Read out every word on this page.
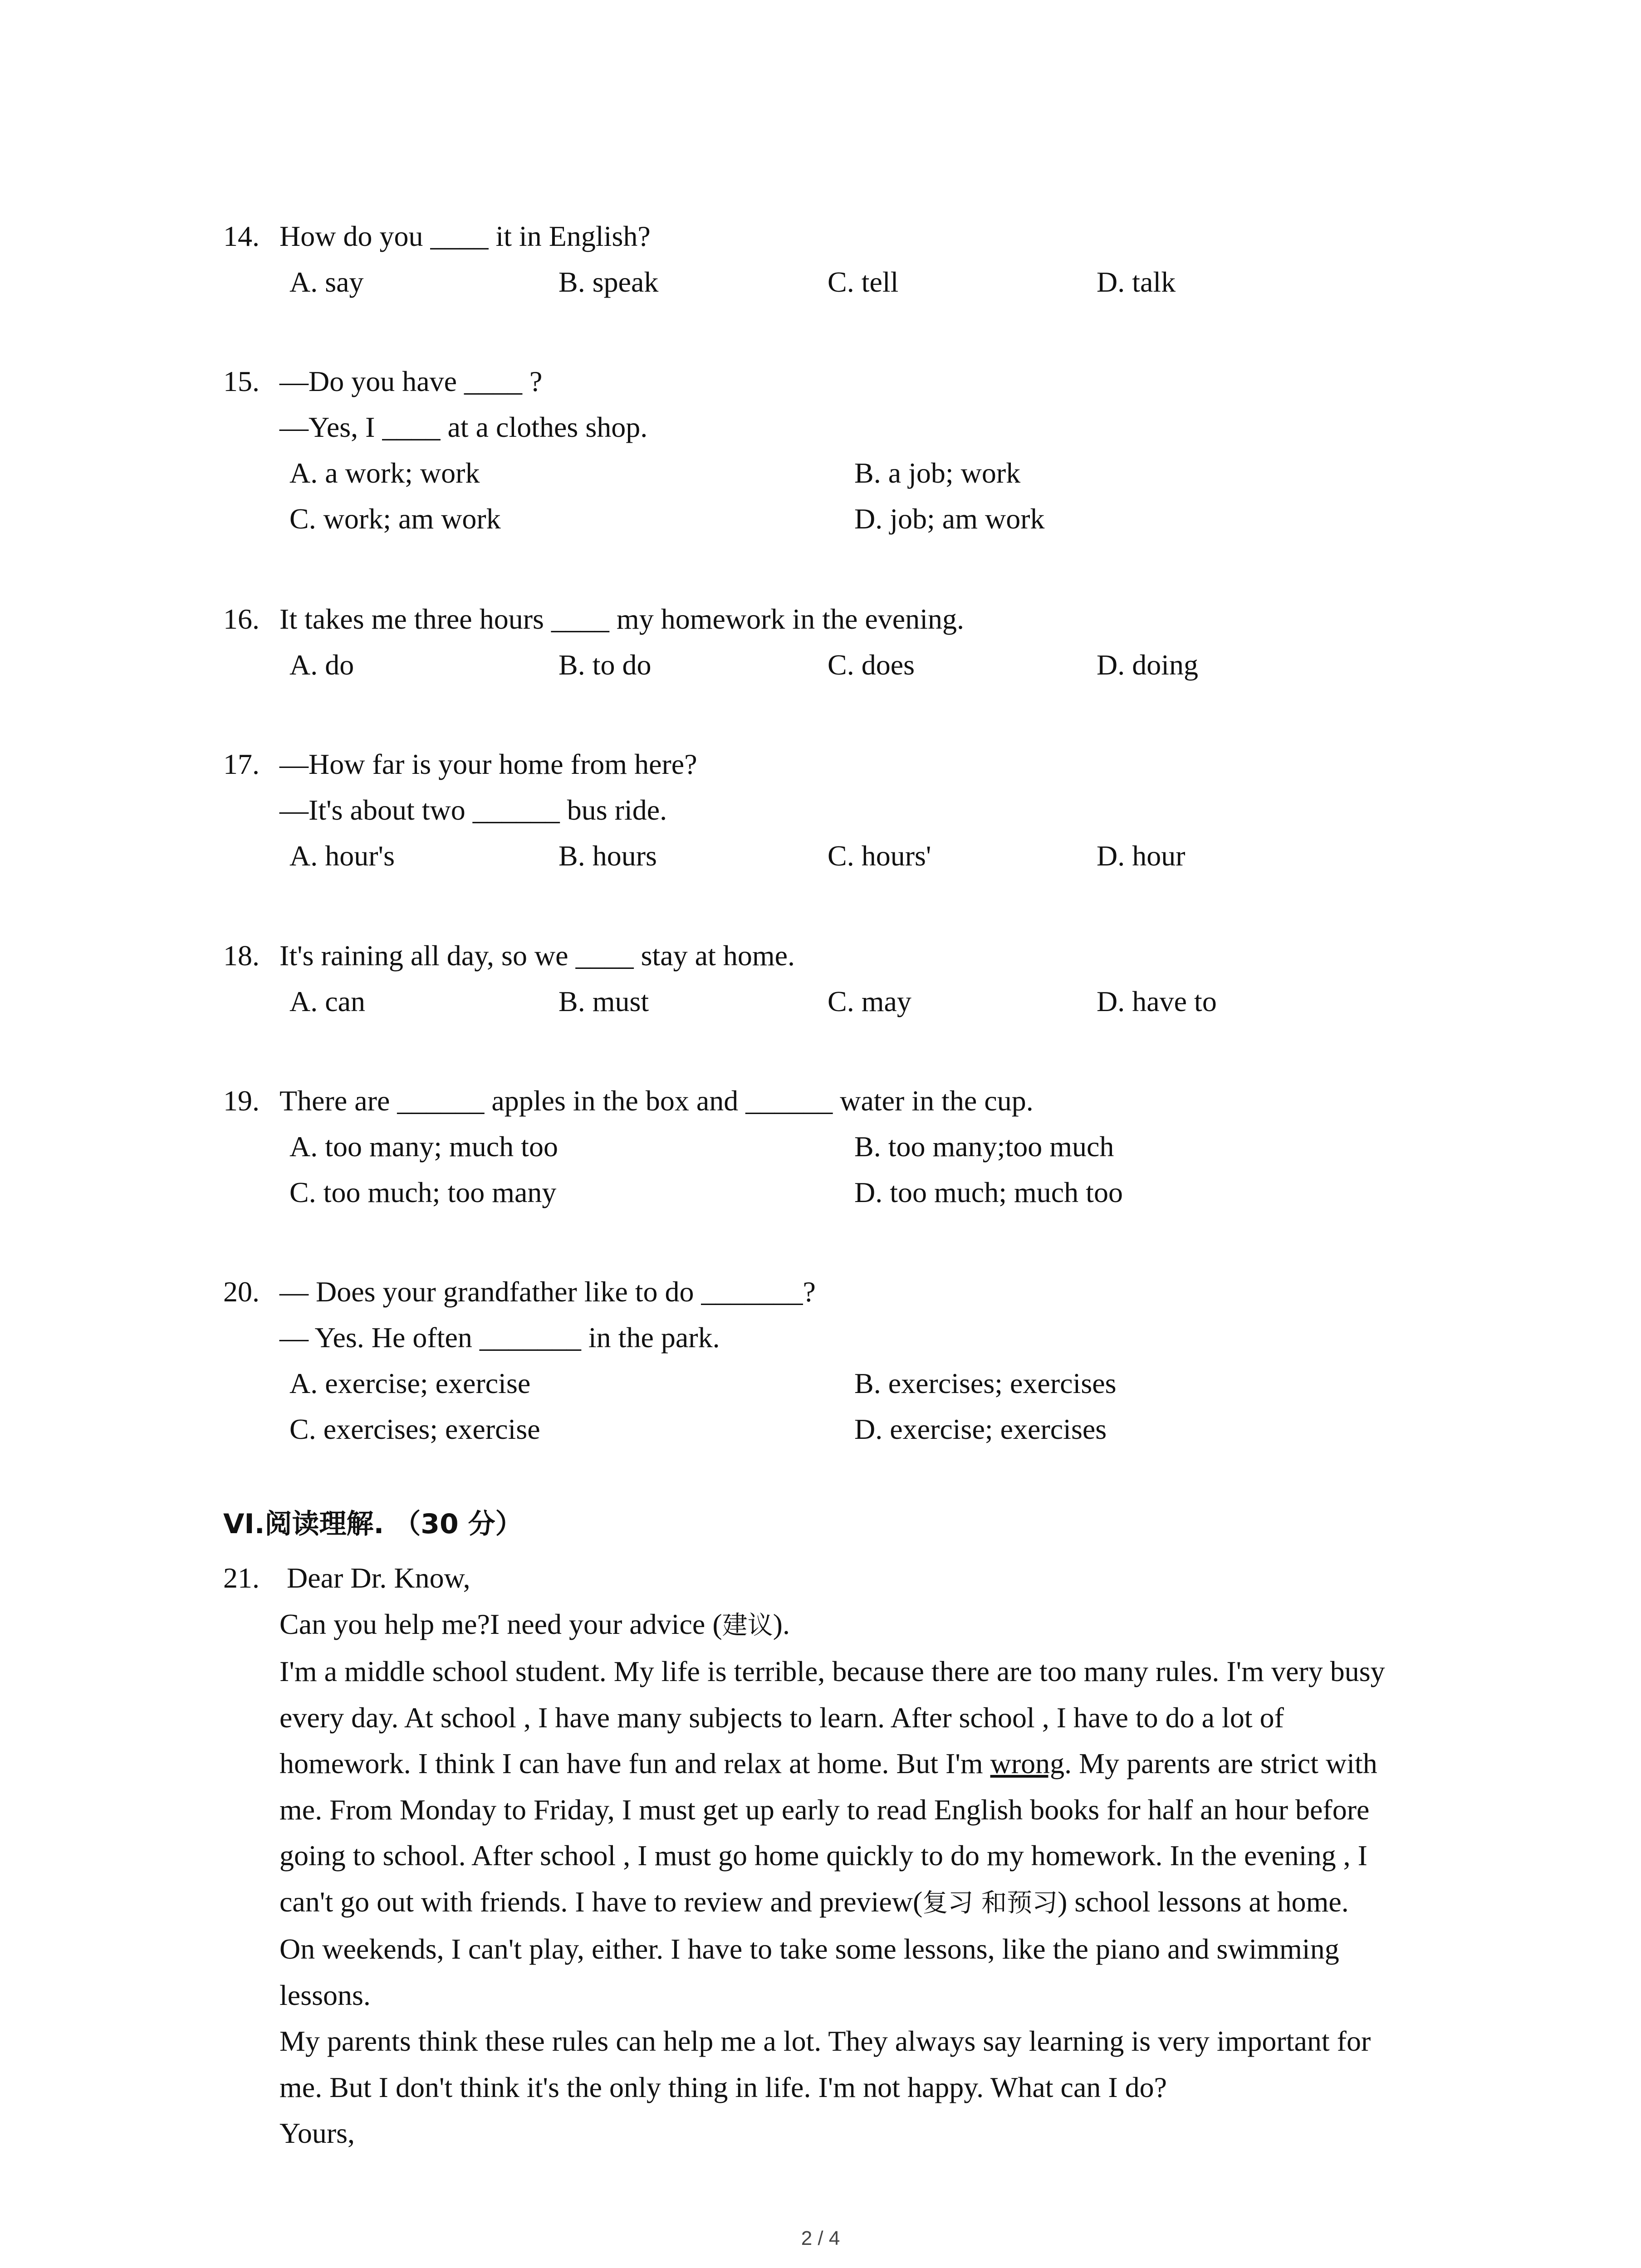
14. How do you ____ it in English?
A. say	B. speak	C. tell	D. talk
15. —Do you have ____ ?
—Yes, I ____ at a clothes shop.
A. a work; work	B. a job; work
C. work; am work	D. job; am work
16. It takes me three hours ____ my homework in the evening.
A. do	B. to do	C. does	D. doing
17. —How far is your home from here?
—It's about two ______ bus ride.
A. hour's	B. hours	C. hours'	D. hour
18. It's raining all day, so we ____ stay at home.
A. can	B. must	C. may	D. have to
19. There are ______ apples in the box and ______ water in the cup.
A. too many; much too	B. too many;too much
C. too much; too many	D. too much; much too
20. — Does your grandfather like to do _______?
— Yes. He often _______ in the park.
A. exercise; exercise	B. exercises; exercises
C. exercises; exercise	D. exercise; exercises
VI.阅读理解. （30 分）
21. Dear Dr. Know,
Can you help me?I need your advice (建议).
I'm a middle school student. My life is terrible, because there are too many rules. I'm very busy
every day. At school , I have many subjects to learn. After school , I have to do a lot of
homework. I think I can have fun and relax at home. But I'm wrong. My parents are strict with
me. From Monday to Friday, I must get up early to read English books for half an hour before
going to school. After school , I must go home quickly to do my homework. In the evening , I
can't go out with friends. I have to review and preview(复习 和预习) school lessons at home.
On weekends, I can't play, either. I have to take some lessons, like the piano and swimming
lessons.
My parents think these rules can help me a lot. They always say learning is very important for
me. But I don't think it's the only thing in life. I'm not happy. What can I do?
Yours,
2 / 4
